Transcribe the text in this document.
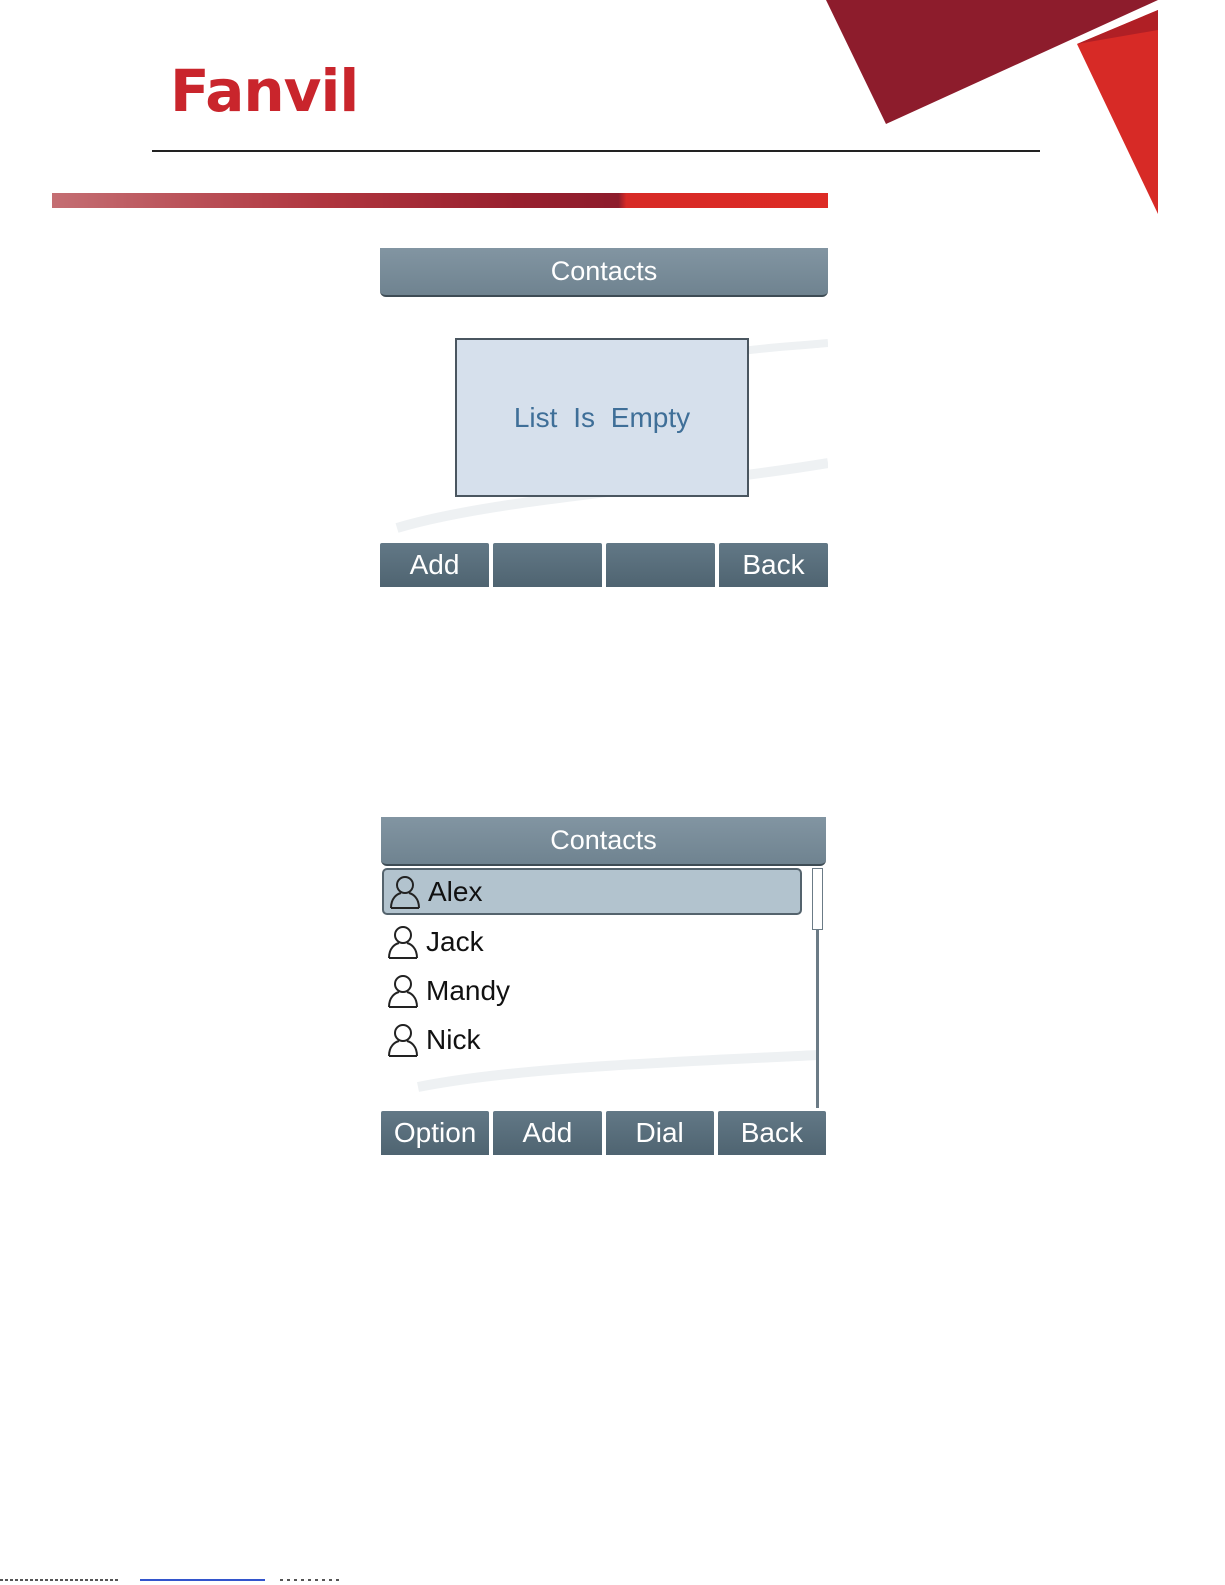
Fanvil
Contacts
List Is Empty
Add	Back
Contacts
Alex
Jack
Mandy
Nick
Option	Add	Dial	Back
